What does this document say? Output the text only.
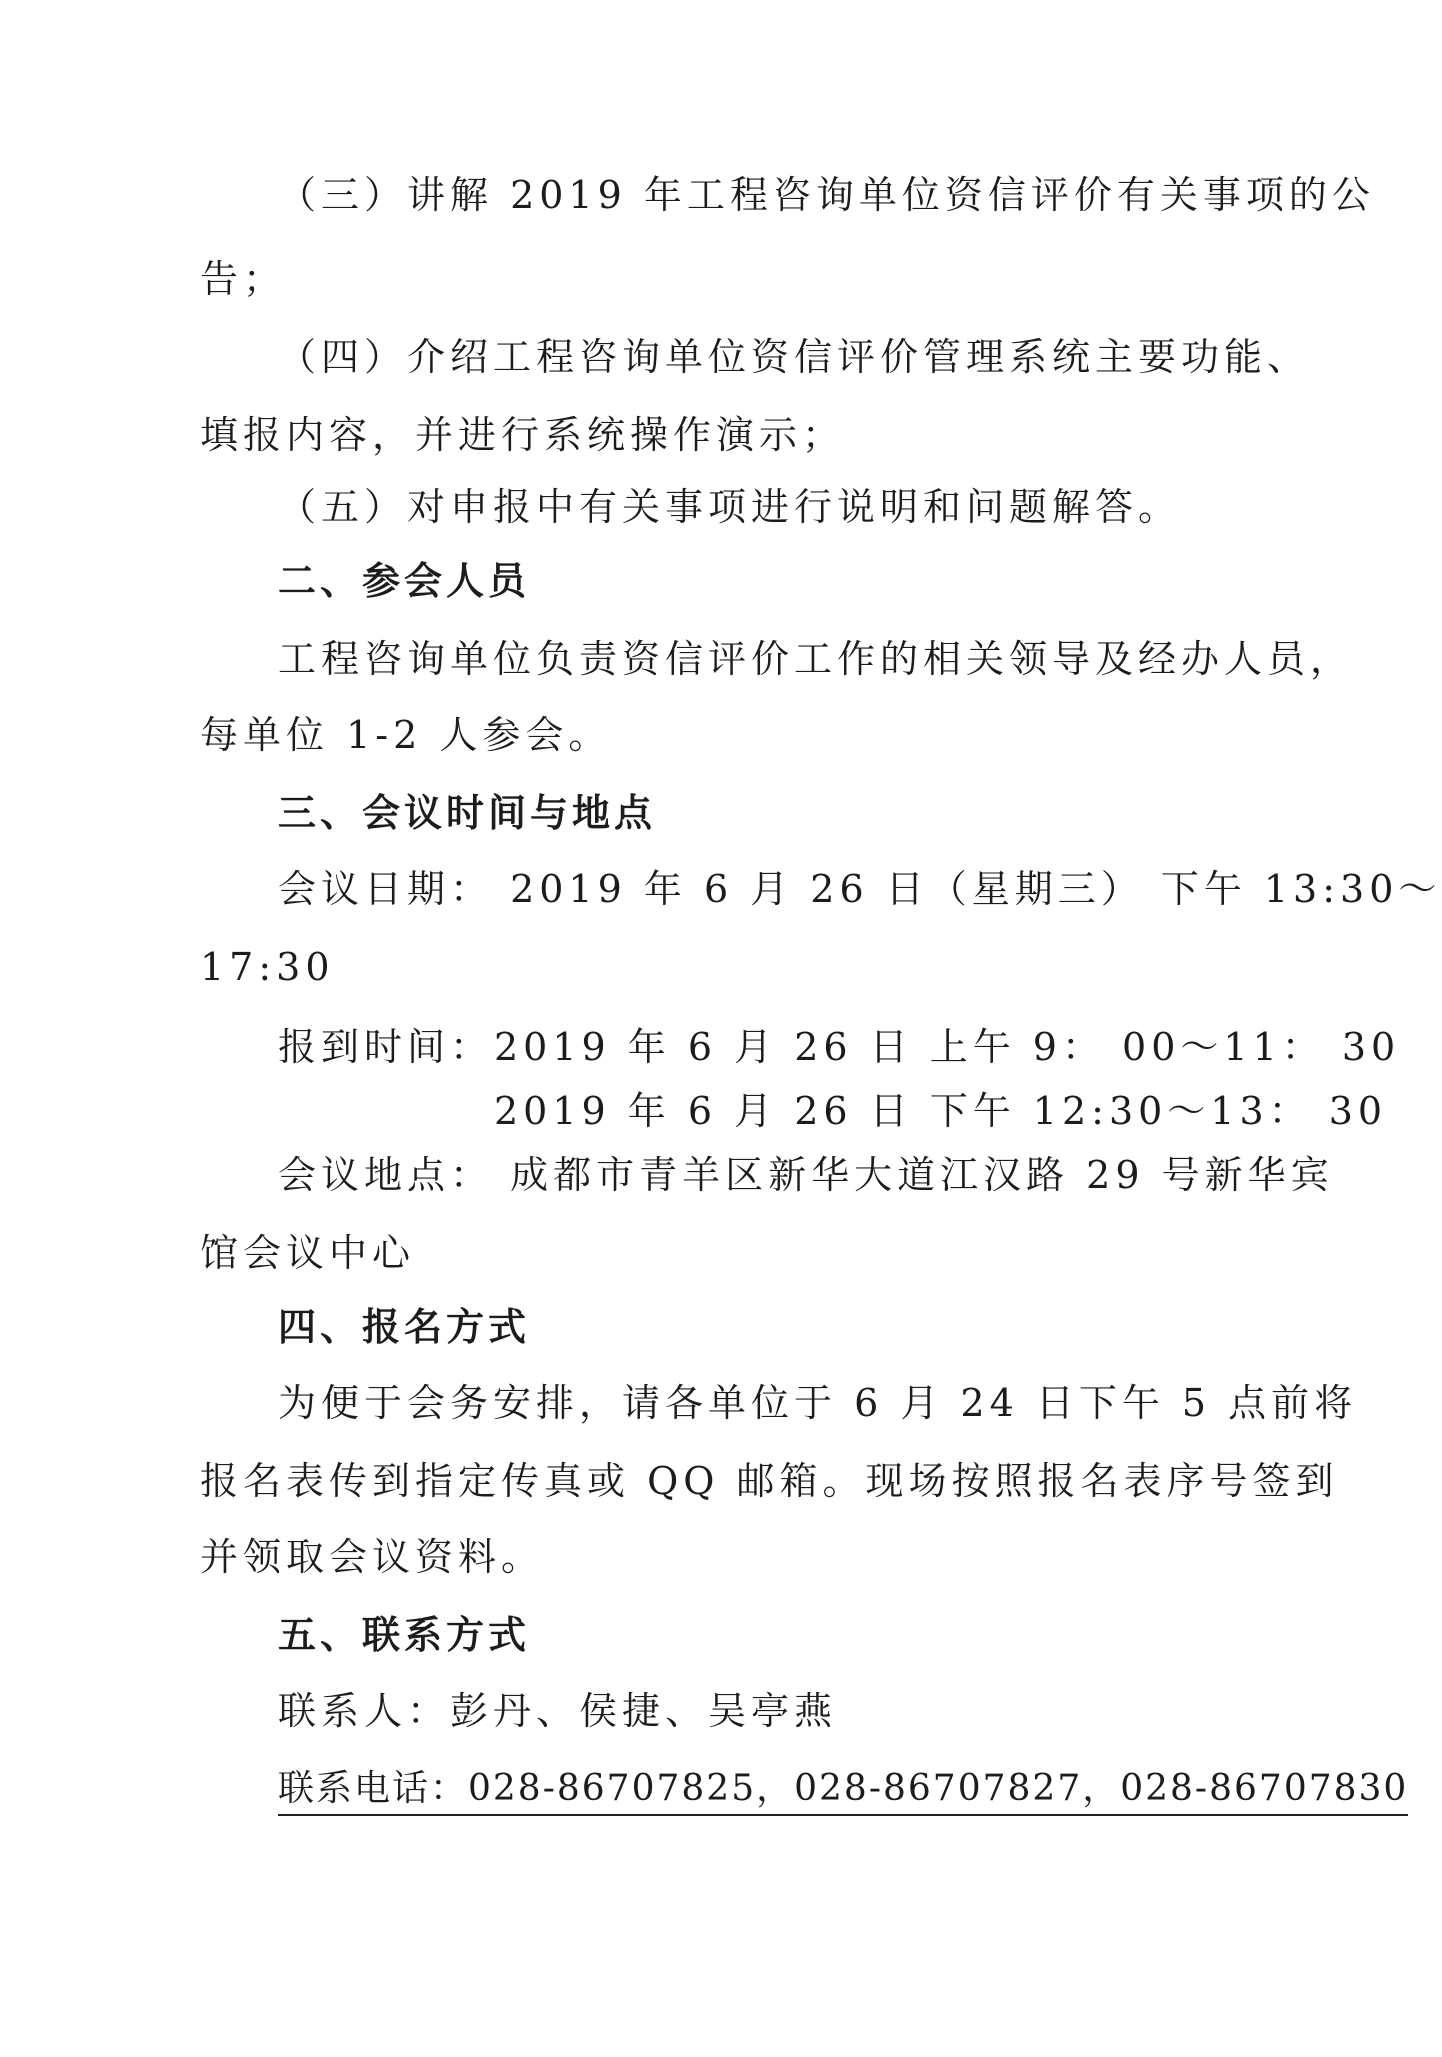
（三）讲解 2019 年工程咨询单位资信评价有关事项的公
告；
（四）介绍工程咨询单位资信评价管理系统主要功能、
填报内容，并进行系统操作演示；
（五）对申报中有关事项进行说明和问题解答。
二、参会人员
工程咨询单位负责资信评价工作的相关领导及经办人员，
每单位 1-2 人参会。
三、会议时间与地点
会议日期： 2019 年 6 月 26 日（星期三） 下午 13:30～
17:30
报到时间： 2019 年 6 月 26 日 上午 9： 00～11： 30
2019 年 6 月 26 日 下午 12:30～13： 30
会议地点： 成都市青羊区新华大道江汉路 29 号新华宾
馆会议中心
四、报名方式
为便于会务安排，请各单位于 6 月 24 日下午 5 点前将
报名表传到指定传真或 QQ 邮箱。现场按照报名表序号签到
并领取会议资料。
五、联系方式
联系人：彭丹、侯捷、吴亭燕
联系电话：028-86707825，028-86707827，028-86707830
